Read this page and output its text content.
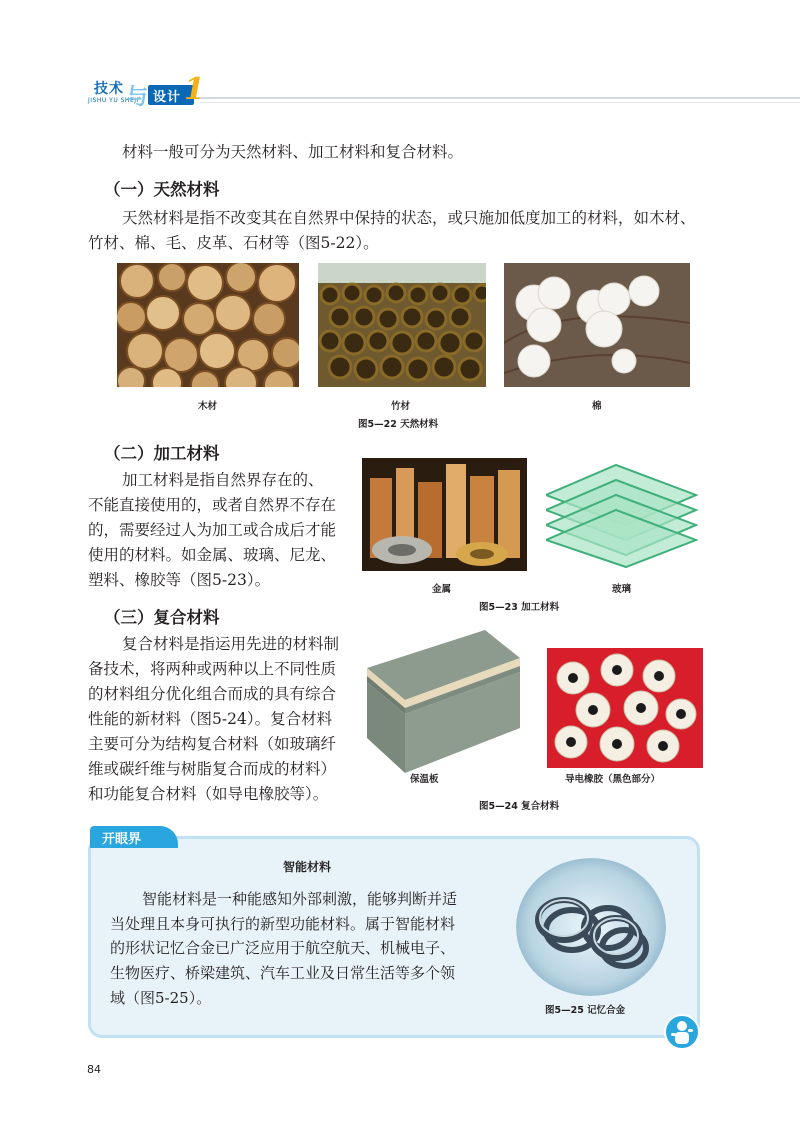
技术
JISHU YU SHEJI
与 设计 1
材料一般可分为天然材料、加工材料和复合材料。
（一）天然材料
天然材料是指不改变其在自然界中保持的状态，或只施加低度加工的材料，如木材、
竹材、棉、毛、皮革、石材等（图5-22）。
木材	竹材	棉
图5—22 天然材料
（二）加工材料
加工材料是指自然界存在的、
不能直接使用的，或者自然界不存在
的，需要经过人为加工或合成后才能
使用的材料。如金属、玻璃、尼龙、
塑料、橡胶等（图5-23）。
金属	玻璃
图5—23 加工材料
（三）复合材料
复合材料是指运用先进的材料制
备技术，将两种或两种以上不同性质
的材料组分优化组合而成的具有综合
性能的新材料（图5-24）。复合材料
主要可分为结构复合材料（如玻璃纤
维或碳纤维与树脂复合而成的材料）
和功能复合材料（如导电橡胶等）。
保温板	导电橡胶（黑色部分）
图5—24 复合材料
开眼界
智能材料
智能材料是一种能感知外部刺激，能够判断并适
当处理且本身可执行的新型功能材料。属于智能材料
的形状记忆合金已广泛应用于航空航天、机械电子、
生物医疗、桥梁建筑、汽车工业及日常生活等多个领
域（图5-25）。
图5—25 记忆合金
84
